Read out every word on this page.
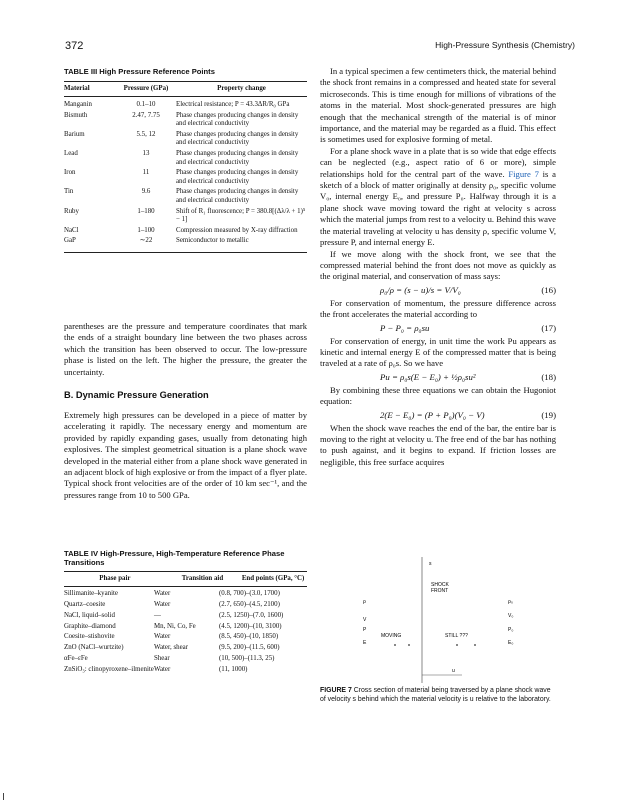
372	High-Pressure Synthesis (Chemistry)
TABLE III High Pressure Reference Points
Material	Pressure (GPa)	Property change
Manganin	0.1–10	Electrical resistance; P = 43.3ΔR/R₀ GPa
Bismuth	2.47, 7.75	Phase changes producing changes in density and electrical conductivity
Barium	5.5, 12	Phase changes producing changes in density and electrical conductivity
Lead	13	Phase changes producing changes in density and electrical conductivity
Iron	11	Phase changes producing changes in density and electrical conductivity
Tin	9.6	Phase changes producing changes in density and electrical conductivity
Ruby	1–180	Shift of R₁ fluorescence; P = 380.8[(Δλ/λ + 1)⁵ − 1]
NaCl	1–100	Compression measured by X-ray diffraction
GaP	∼22	Semiconductor to metallic

parentheses are the pressure and temperature coordinates that mark the ends of a straight boundary line between the two phases across which the transition has been observed to occur. The low-pressure phase is listed on the left. The higher the pressure, the greater the uncertainty.

B. Dynamic Pressure Generation

Extremely high pressures can be developed in a piece of matter by accelerating it rapidly. The necessary energy and momentum are provided by rapidly expanding gases, usually from detonating high explosives. The simplest geometrical situation is a plane shock wave developed in the material either from a plane shock wave generated in an adjacent block of high explosive or from the impact of a flyer plate. Typical shock front velocities are of the order of 10 km sec⁻¹, and the pressures range from 10 to 500 GPa.

TABLE IV High-Pressure, High-Temperature Reference Phase Transitions
Phase pair	Transition aid	End points (GPa, °C)
Sillimanite–kyanite	Water	(0.8, 700)–(3.0, 1700)
Quartz–coesite	Water	(2.7, 650)–(4.5, 2100)
NaCl, liquid–solid	—	(2.5, 1250)–(7.0, 1600)
Graphite–diamond	Mn, Ni, Co, Fe	(4.5, 1200)–(10, 3100)
Coesite–stishovite	Water	(8.5, 450)–(10, 1850)
ZnO (NaCl–wurtzite)	Water, shear	(9.5, 200)–(11.5, 600)
αFe–εFe	Shear	(10, 500)–(11.3, 25)
ZnSiO₃: clinopyroxene–ilmenite	Water	(11, 1000)

In a typical specimen a few centimeters thick, the material behind the shock front remains in a compressed and heated state for several microseconds. This is time enough for millions of vibrations of the atoms in the material. Most shock-generated pressures are high enough that the mechanical strength of the material is of minor importance, and the material may be regarded as a fluid. This effect is sometimes used for explosive forming of metal.

For a plane shock wave in a plate that is so wide that edge effects can be neglected (e.g., aspect ratio of 6 or more), simple relationships hold for the central part of the wave. Figure 7 is a sketch of a block of matter originally at density ρ₀, specific volume V₀, internal energy E₀, and pressure P₀. Halfway through it is a plane shock wave moving toward the right at velocity s across which the material jumps from rest to a velocity u. Behind this wave the material traveling at velocity u has density ρ, specific volume V, pressure P, and internal energy E.

If we move along with the shock front, we see that the compressed material behind the front does not move as quickly as the original material, and conservation of mass says:

ρ₀/ρ = (s − u)/s = V/V₀	(16)

For conservation of momentum, the pressure difference across the front accelerates the material according to

P − P₀ = ρ₀su	(17)

For conservation of energy, in unit time the work Pu appears as kinetic and internal energy E of the compressed matter that is being traveled at a rate of ρ₀s. So we have

Pu = ρ₀s(E − E₀) + ½ρ₀su²	(18)

By combining these three equations we can obtain the Hugoniot equation:

2(E − E₀) = (P + P₀)(V₀ − V)	(19)

When the shock wave reaches the end of the bar, the entire bar is moving to the right at velocity u. The free end of the bar has nothing to push against, and it begins to expand. If friction losses are negligible, this free surface acquires

s
SHOCK
FRONT
ρ
V
P
E
MOVING	STILL ???
ρ₀
V₀
P₀
E₀
u
FIGURE 7 Cross section of material being traversed by a plane shock wave of velocity s behind which the material velocity is u relative to the laboratory.
